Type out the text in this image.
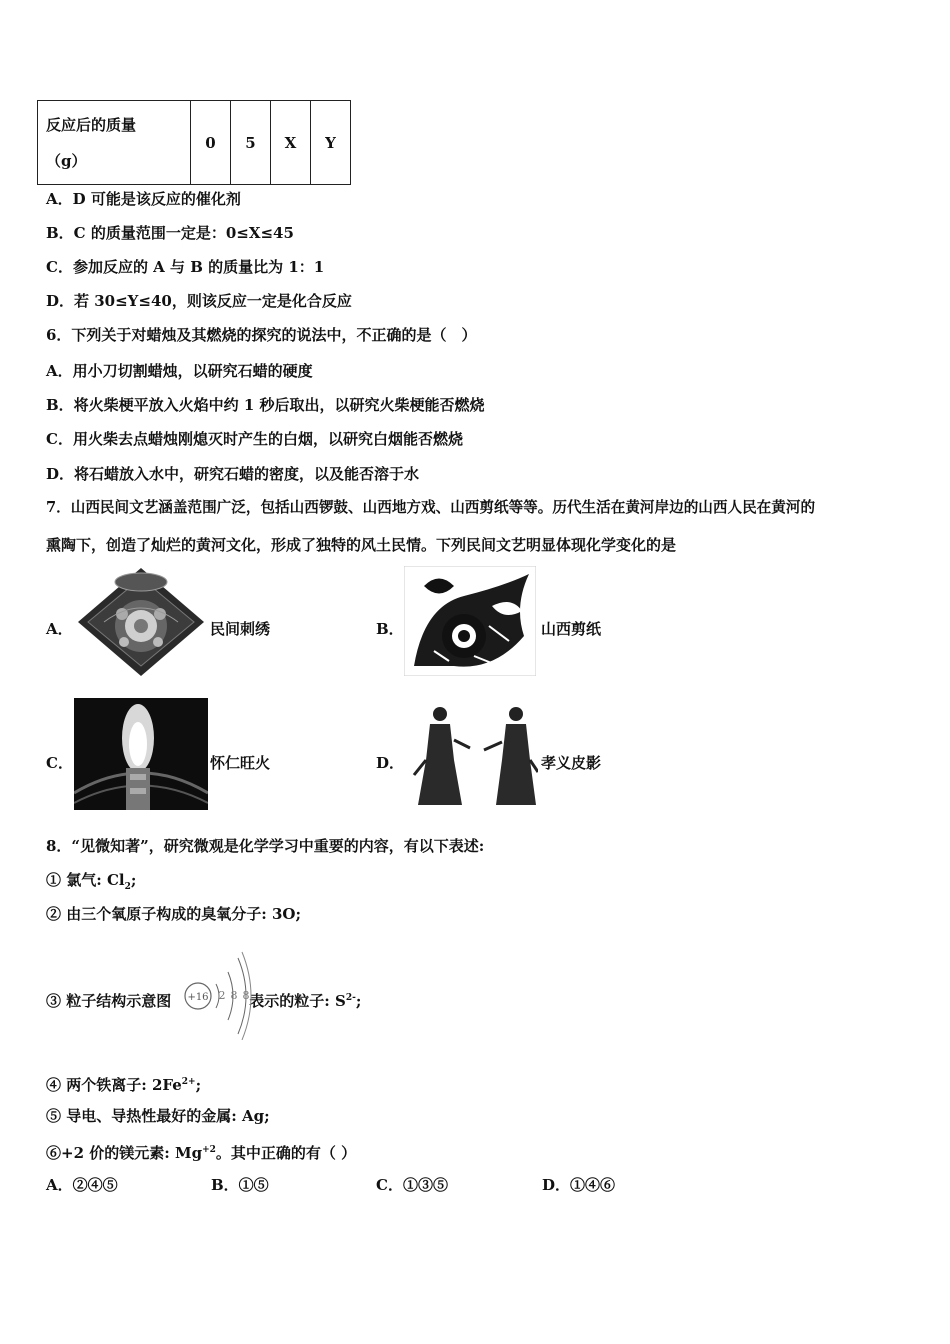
反应后的质量
（g）	0	5	X	Y
A．D 可能是该反应的催化剂
B．C 的质量范围一定是：0≤X≤45
C．参加反应的 A 与 B 的质量比为 1：1
D．若 30≤Y≤40，则该反应一定是化合反应
6．下列关于对蜡烛及其燃烧的探究的说法中，不正确的是（　）
A．用小刀切割蜡烛，以研究石蜡的硬度
B．将火柴梗平放入火焰中约 1 秒后取出，以研究火柴梗能否燃烧
C．用火柴去点蜡烛刚熄灭时产生的白烟，以研究白烟能否燃烧
D．将石蜡放入水中，研究石蜡的密度，以及能否溶于水
7．山西民间文艺涵盖范围广泛，包括山西锣鼓、山西地方戏、山西剪纸等等。历代生活在黄河岸边的山西人民在黄河的
熏陶下，创造了灿烂的黄河文化，形成了独特的风土民情。下列民间文艺明显体现化学变化的是
A．	民间刺绣	B．	山西剪纸
C．	怀仁旺火	D．	孝义皮影
8．“见微知著”，研究微观是化学学习中重要的内容，有以下表述:
① 氯气: $Cl_2$;
② 由三个氧原子构成的臭氧分子: 3O;
③ 粒子结构示意图	表示的粒子: $S^{2-}$;
+16 2 8 8
④ 两个铁离子: $2Fe^{2+}$;
⑤ 导电、导热性最好的金属: Ag;
⑥+2 价的镁元素: $Mg^{+2}$。其中正确的有（ ）
A．②④⑤	B．①⑤	C．①③⑤	D．①④⑥
